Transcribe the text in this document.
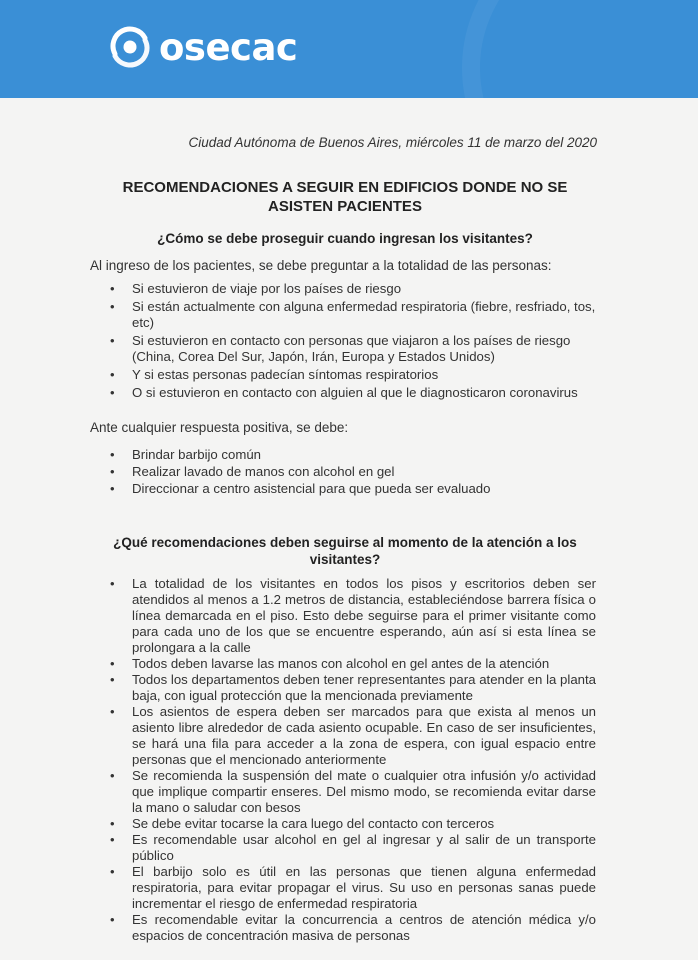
osecac
Ciudad Autónoma de Buenos Aires, miércoles 11 de marzo del 2020
RECOMENDACIONES A SEGUIR EN EDIFICIOS DONDE NO SE
ASISTEN PACIENTES
¿Cómo se debe proseguir cuando ingresan los visitantes?
Al ingreso de los pacientes, se debe preguntar a la totalidad de las personas:
• Si estuvieron de viaje por los países de riesgo
• Si están actualmente con alguna enfermedad respiratoria (fiebre, resfriado, tos, etc)
• Si estuvieron en contacto con personas que viajaron a los países de riesgo (China, Corea Del Sur, Japón, Irán, Europa y Estados Unidos)
• Y si estas personas padecían síntomas respiratorios
• O si estuvieron en contacto con alguien al que le diagnosticaron coronavirus
Ante cualquier respuesta positiva, se debe:
• Brindar barbijo común
• Realizar lavado de manos con alcohol en gel
• Direccionar a centro asistencial para que pueda ser evaluado
¿Qué recomendaciones deben seguirse al momento de la atención a los
visitantes?
• La totalidad de los visitantes en todos los pisos y escritorios deben ser atendidos al menos a 1.2 metros de distancia, estableciéndose barrera física o línea demarcada en el piso. Esto debe seguirse para el primer visitante como para cada uno de los que se encuentre esperando, aún así si esta línea se prolongara a la calle
• Todos deben lavarse las manos con alcohol en gel antes de la atención
• Todos los departamentos deben tener representantes para atender en la planta baja, con igual protección que la mencionada previamente
• Los asientos de espera deben ser marcados para que exista al menos un asiento libre alrededor de cada asiento ocupable. En caso de ser insuficientes, se hará una fila para acceder a la zona de espera, con igual espacio entre personas que el mencionado anteriormente
• Se recomienda la suspensión del mate o cualquier otra infusión y/o actividad que implique compartir enseres. Del mismo modo, se recomienda evitar darse la mano o saludar con besos
• Se debe evitar tocarse la cara luego del contacto con terceros
• Es recomendable usar alcohol en gel al ingresar y al salir de un transporte público
• El barbijo solo es útil en las personas que tienen alguna enfermedad respiratoria, para evitar propagar el virus. Su uso en personas sanas puede incrementar el riesgo de enfermedad respiratoria
• Es recomendable evitar la concurrencia a centros de atención médica y/o espacios de concentración masiva de personas
